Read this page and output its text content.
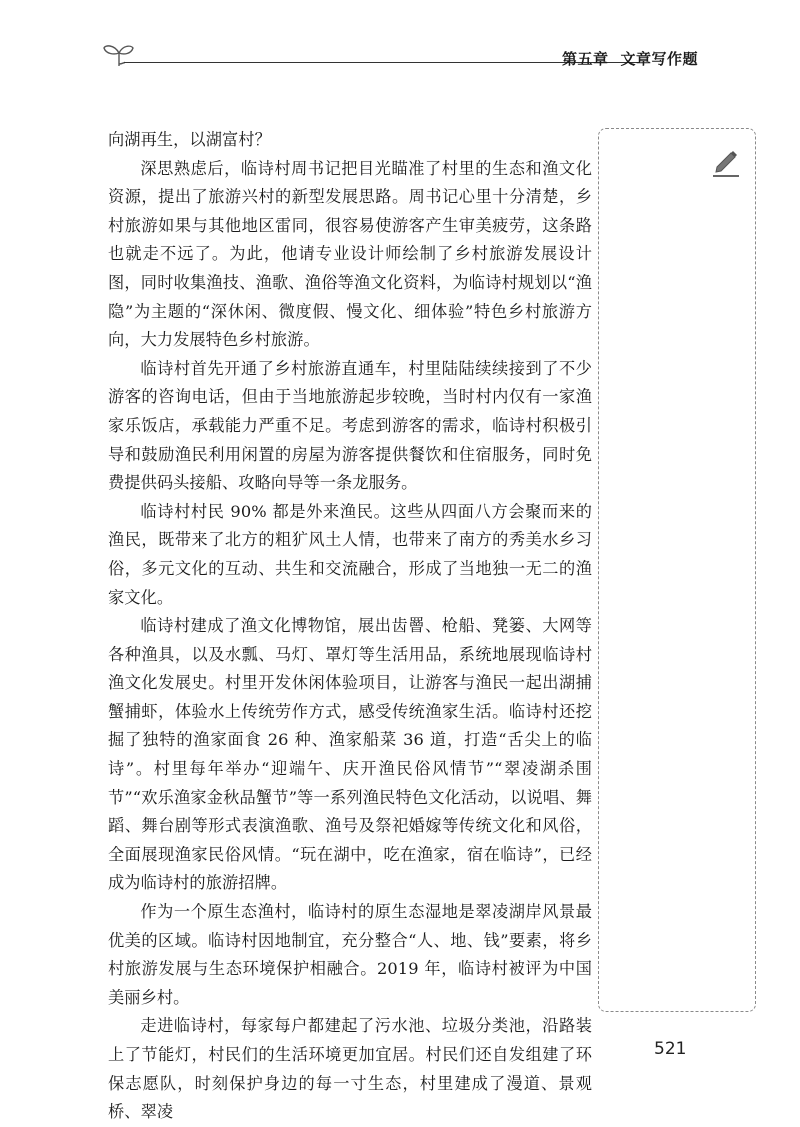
第五章 文章写作题

向湖再生，以湖富村？

深思熟虑后，临诗村周书记把目光瞄准了村里的生态和渔文化资源，提出了旅游兴村的新型发展思路。周书记心里十分清楚，乡村旅游如果与其他地区雷同，很容易使游客产生审美疲劳，这条路也就走不远了。为此，他请专业设计师绘制了乡村旅游发展设计图，同时收集渔技、渔歌、渔俗等渔文化资料，为临诗村规划以“渔隐”为主题的“深休闲、微度假、慢文化、细体验”特色乡村旅游方向，大力发展特色乡村旅游。

临诗村首先开通了乡村旅游直通车，村里陆陆续续接到了不少游客的咨询电话，但由于当地旅游起步较晚，当时村内仅有一家渔家乐饭店，承载能力严重不足。考虑到游客的需求，临诗村积极引导和鼓励渔民利用闲置的房屋为游客提供餐饮和住宿服务，同时免费提供码头接船、攻略向导等一条龙服务。

临诗村村民 90% 都是外来渔民。这些从四面八方会聚而来的渔民，既带来了北方的粗犷风土人情，也带来了南方的秀美水乡习俗，多元文化的互动、共生和交流融合，形成了当地独一无二的渔家文化。

临诗村建成了渔文化博物馆，展出齿罾、枪船、凳篓、大网等各种渔具，以及水瓢、马灯、罩灯等生活用品，系统地展现临诗村渔文化发展史。村里开发休闲体验项目，让游客与渔民一起出湖捕蟹捕虾，体验水上传统劳作方式，感受传统渔家生活。临诗村还挖掘了独特的渔家面食 26 种、渔家船菜 36 道，打造“舌尖上的临诗”。村里每年举办“迎端午、庆开渔民俗风情节”“翠凌湖杀围节”“欢乐渔家金秋品蟹节”等一系列渔民特色文化活动，以说唱、舞蹈、舞台剧等形式表演渔歌、渔号及祭祀婚嫁等传统文化和风俗，全面展现渔家民俗风情。“玩在湖中，吃在渔家，宿在临诗”，已经成为临诗村的旅游招牌。

作为一个原生态渔村，临诗村的原生态湿地是翠凌湖岸风景最优美的区域。临诗村因地制宜，充分整合“人、地、钱”要素，将乡村旅游发展与生态环境保护相融合。2019 年，临诗村被评为中国美丽乡村。

走进临诗村，每家每户都建起了污水池、垃圾分类池，沿路装上了节能灯，村民们的生活环境更加宜居。村民们还自发组建了环保志愿队，时刻保护身边的每一寸生态，村里建成了漫道、景观桥、翠凌

521
